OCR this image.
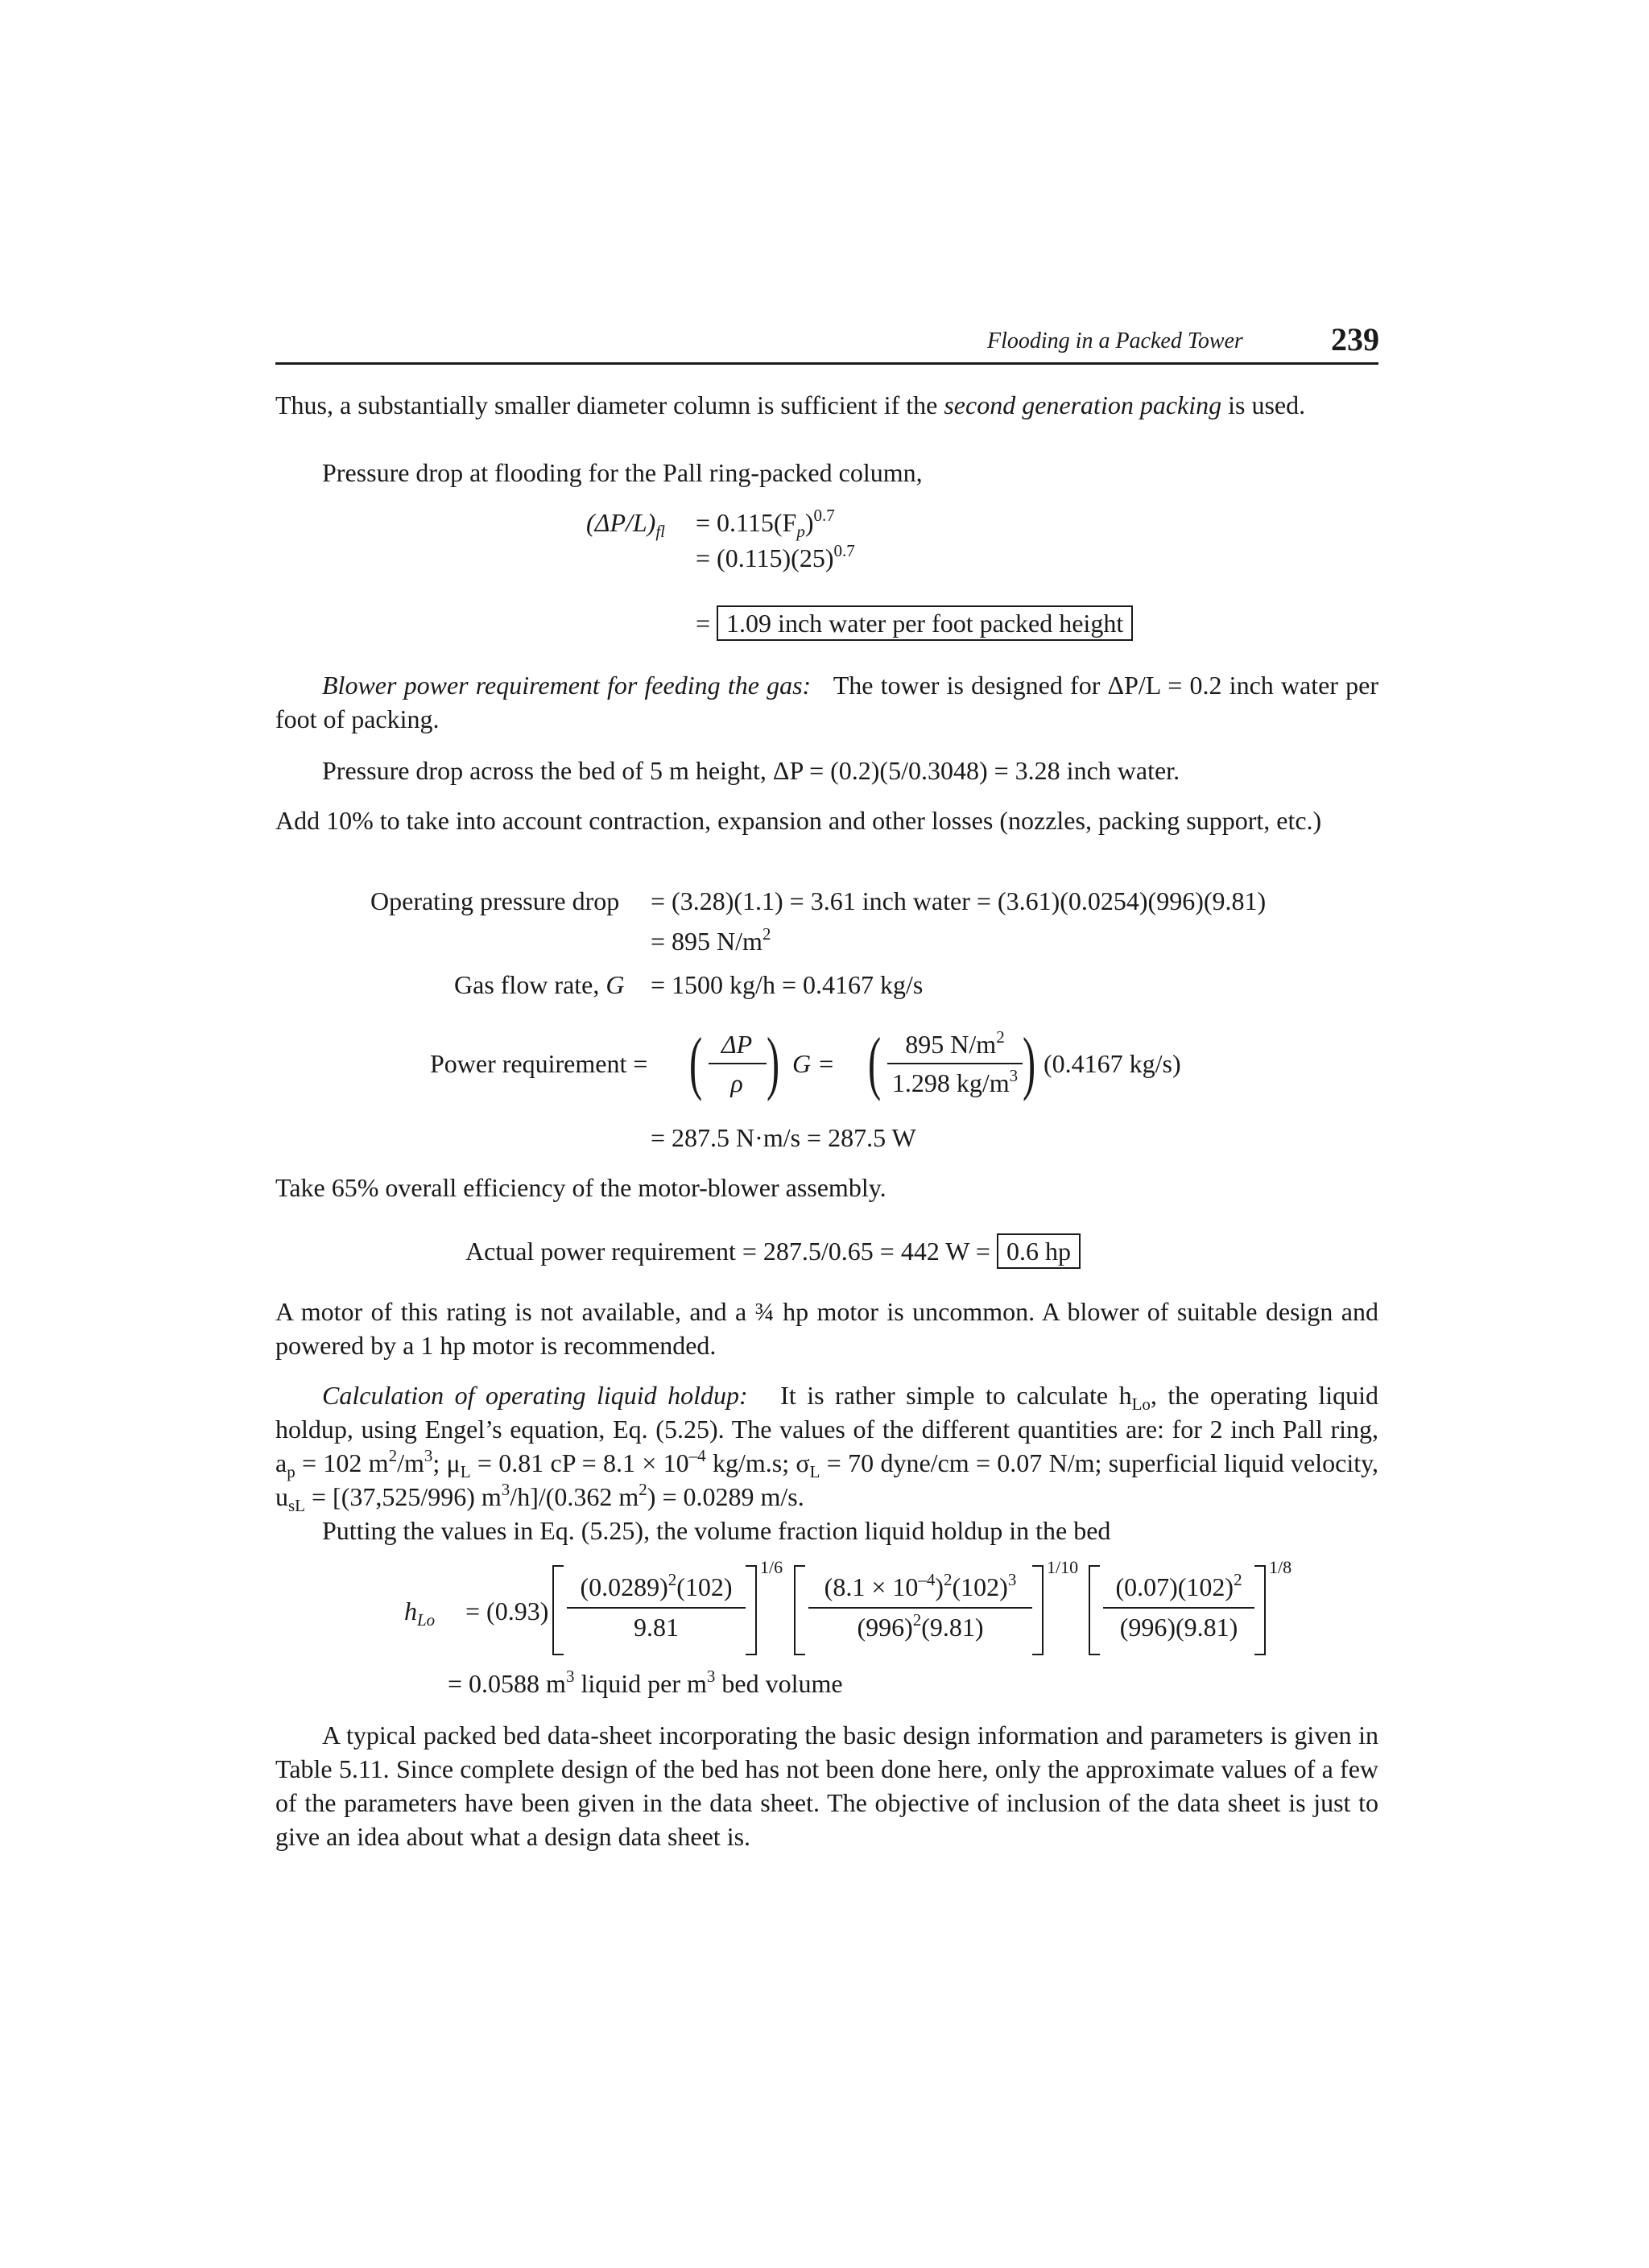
Flooding in a Packed Tower	239
Thus, a substantially smaller diameter column is sufficient if the second generation packing is used.
Pressure drop at flooding for the Pall ring-packed column,
$(\Delta P/L)_{fl} = 0.115(F_p)^{0.7}$
= $(0.115)(25)^{0.7}$
= 1.09 inch water per foot packed height
Blower power requirement for feeding the gas: The tower is designed for ΔP/L = 0.2 inch water per foot of packing.
Pressure drop across the bed of 5 m height, ΔP = (0.2)(5/0.3048) = 3.28 inch water.
Add 10% to take into account contraction, expansion and other losses (nozzles, packing support, etc.)
Operating pressure drop = (3.28)(1.1) = 3.61 inch water = (3.61)(0.0254)(996)(9.81)
= 895 $N/m^2$
Gas flow rate, G = 1500 kg/h = 0.4167 kg/s
Power requirement = ( ΔP
ρ ) G = ( 895 $N/m^2$
1.298 $kg/m^3$ ) (0.4167 kg/s)
= 287.5 N·m/s = 287.5 W
Take 65% overall efficiency of the motor-blower assembly.
Actual power requirement = 287.5/0.65 = 442 W = 0.6 hp
A motor of this rating is not available, and a ¾ hp motor is uncommon. A blower of suitable design and powered by a 1 hp motor is recommended.
Calculation of operating liquid holdup: It is rather simple to calculate $h_{Lo}$, the operating liquid holdup, using Engel’s equation, Eq. (5.25). The values of the different quantities are: for 2 inch Pall ring, $a_p = 102$ $m^2/m^3$; $\mu_L = 0.81$ cP = $8.1 \times 10^{-4}$ kg/m.s; $\sigma_L = 70$ dyne/cm = 0.07 N/m; superficial liquid velocity, $u_{sL} = [(37,525/996)$ $m^3/h]/(0.362$ $m^2) = 0.0289$ m/s.
Putting the values in Eq. (5.25), the volume fraction liquid holdup in the bed
$h_{Lo} = (0.93)$
$(0.0289)^2(102)$
9.81
1/6
$(8.1 \times 10^{-4})^2(102)^3$
$(996)^2(9.81)$
1/10
$(0.07)(102)^2$
(996)(9.81)
1/8
= 0.0588 $m^3$ liquid per $m^3$ bed volume
A typical packed bed data-sheet incorporating the basic design information and parameters is given in Table 5.11. Since complete design of the bed has not been done here, only the approximate values of a few of the parameters have been given in the data sheet. The objective of inclusion of the data sheet is just to give an idea about what a design data sheet is.
